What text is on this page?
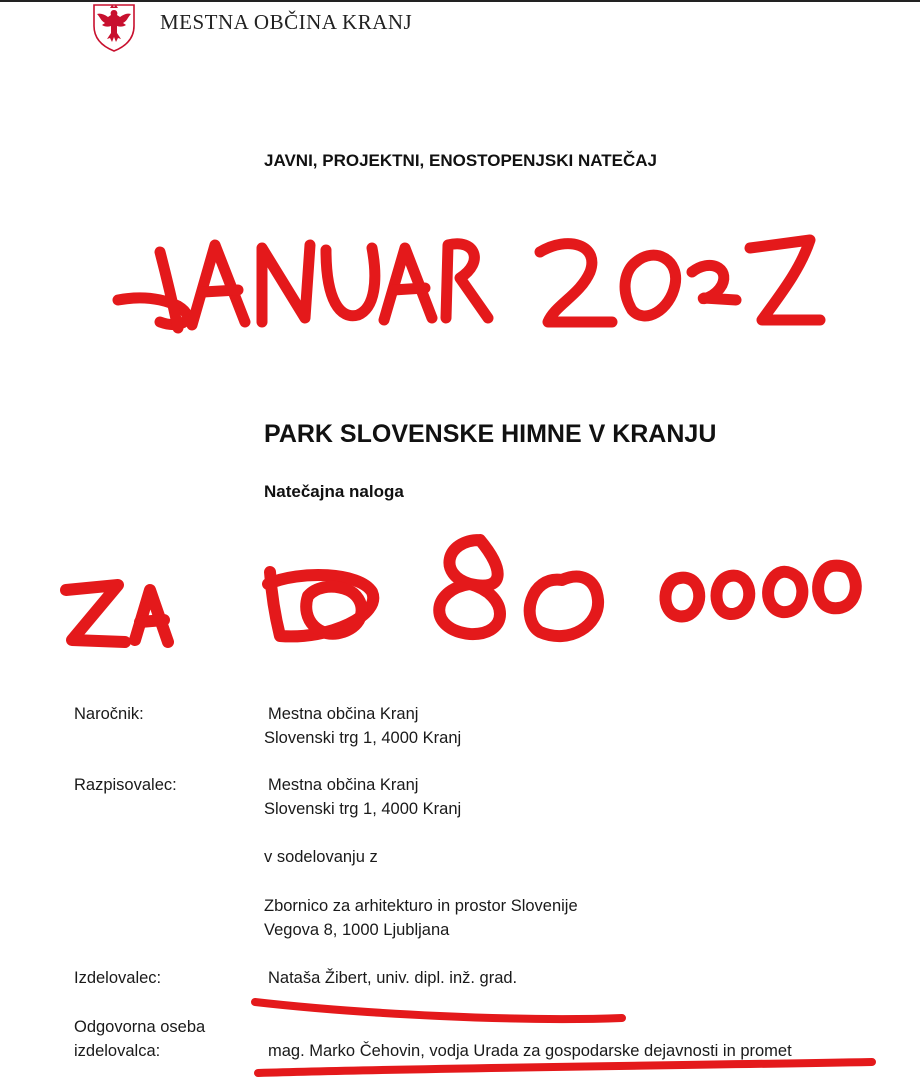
MESTNA OBČINA KRANJ
JAVNI, PROJEKTNI, ENOSTOPENJSKI NATEČAJ
PARK SLOVENSKE HIMNE V KRANJU
Natečajna naloga
Naročnik:	Mestna občina Kranj
Slovenski trg 1, 4000 Kranj
Razpisovalec:	Mestna občina Kranj
Slovenski trg 1, 4000 Kranj
v sodelovanju z
Zbornico za arhitekturo in prostor Slovenije
Vegova 8, 1000 Ljubljana
Izdelovalec:	Nataša Žibert, univ. dipl. inž. grad.
Odgovorna oseba
izdelovalca:	mag. Marko Čehovin, vodja Urada za gospodarske dejavnosti in promet
